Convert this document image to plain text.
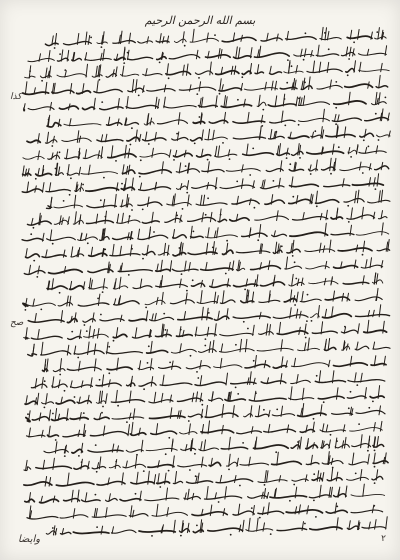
بسم الله الرحمن الرحيم
كذا
صح
وايضا	٢
